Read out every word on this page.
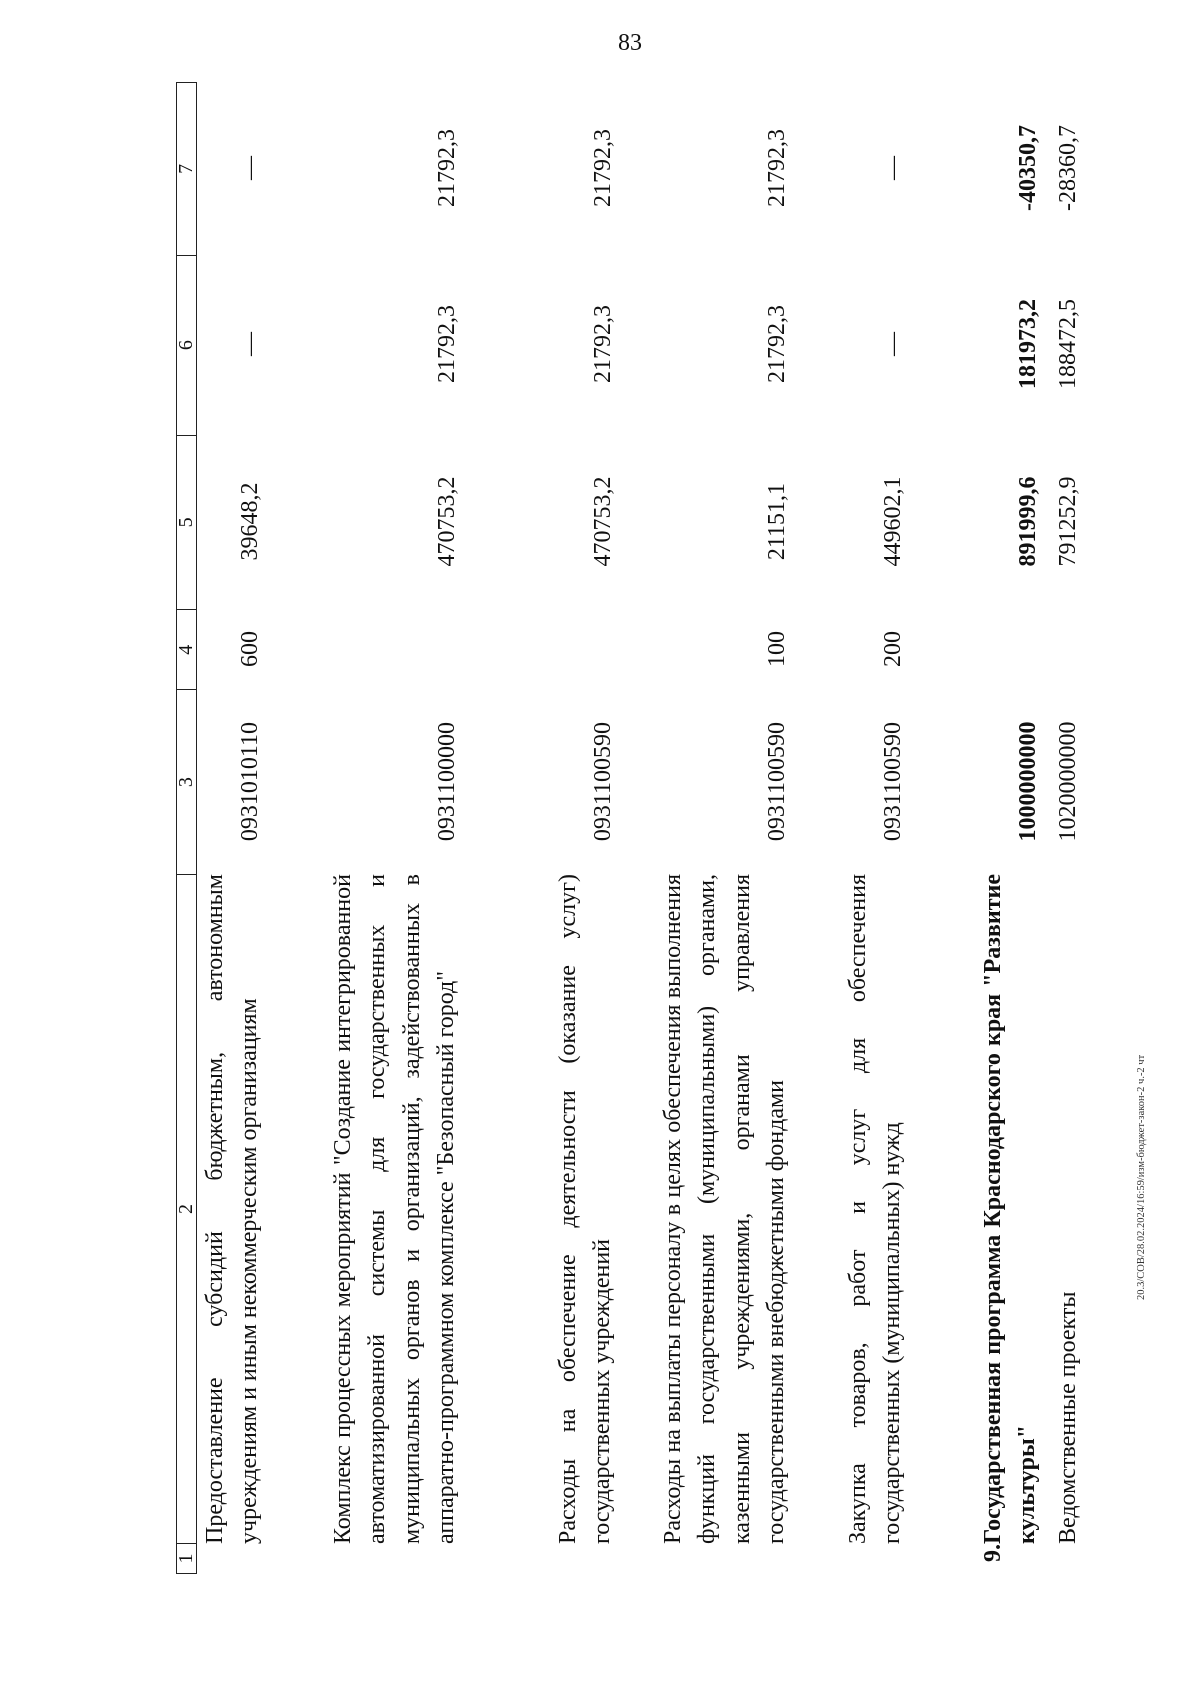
83
20.3/СОВ/28.02.2024/16:59/изм-бюджет-закон-2 ч.-2 чт
1
2
3
4
5
6
7
Предоставление субсидий бюджетным, автономным учреждениям и иным некоммерческим организациям
0931010110
600
39648,2
—
—
Комплекс процессных мероприятий "Создание интегрированной автоматизированной системы для государственных и муниципальных органов и организаций, задействованных в аппаратно-программном комплексе "Безопасный город"
0931100000
470753,2
21792,3
21792,3
Расходы на обеспечение деятельности (оказание услуг) государственных учреждений
0931100590
470753,2
21792,3
21792,3
Расходы на выплаты персоналу в целях обеспечения выполнения функций государственными (муниципальными) органами, казенными учреждениями, органами управления государственными внебюджетными фондами
0931100590
100
21151,1
21792,3
21792,3
Закупка товаров, работ и услуг для обеспечения государственных (муниципальных) нужд
0931100590
200
449602,1
—
—
9.
Государственная программа Краснодарского края "Развитие культуры"
1000000000
891999,6
181973,2
-40350,7
Ведомственные проекты
1020000000
791252,9
188472,5
-28360,7
